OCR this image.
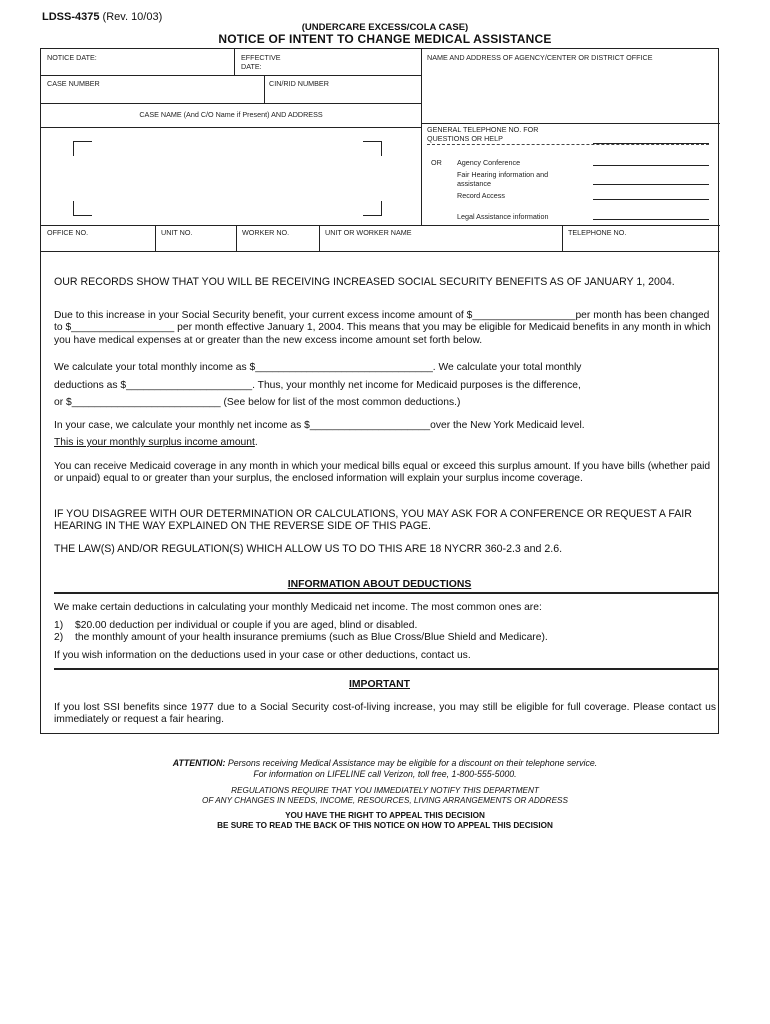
LDSS-4375 (Rev. 10/03)
(UNDERCARE EXCESS/COLA CASE)
NOTICE OF INTENT TO CHANGE MEDICAL ASSISTANCE
NOTICE DATE:	EFFECTIVE DATE:
NAME AND ADDRESS OF AGENCY/CENTER OR DISTRICT OFFICE
CASE NUMBER	CIN/RID NUMBER
CASE NAME (And C/O Name if Present) AND ADDRESS
GENERAL TELEPHONE NO. FOR QUESTIONS OR HELP
OR Agency Conference
Fair Hearing information and assistance
Record Access
Legal Assistance information
OFFICE NO.	UNIT NO.	WORKER NO.	UNIT OR WORKER NAME	TELEPHONE NO.
OUR RECORDS SHOW THAT YOU WILL BE RECEIVING INCREASED SOCIAL SECURITY BENEFITS AS OF JANUARY 1, 2004.
Due to this increase in your Social Security benefit, your current excess income amount of $__________________per month has been changed to $__________________ per month effective January 1, 2004. This means that you may be eligible for Medicaid benefits in any month in which you have medical expenses at or greater than the new excess income amount set forth below.
We calculate your total monthly income as $_______________________________. We calculate your total monthly
deductions as $______________________. Thus, your monthly net income for Medicaid purposes is the difference,
or $__________________________ (See below for list of the most common deductions.)
In your case, we calculate your monthly net income as $_____________________over the New York Medicaid level.
This is your monthly surplus income amount.
You can receive Medicaid coverage in any month in which your medical bills equal or exceed this surplus amount. If you have bills (whether paid or unpaid) equal to or greater than your surplus, the enclosed information will explain your surplus income coverage.
IF YOU DISAGREE WITH OUR DETERMINATION OR CALCULATIONS, YOU MAY ASK FOR A CONFERENCE OR REQUEST A FAIR HEARING IN THE WAY EXPLAINED ON THE REVERSE SIDE OF THIS PAGE.
THE LAW(S) AND/OR REGULATION(S) WHICH ALLOW US TO DO THIS ARE 18 NYCRR 360-2.3 and 2.6.
INFORMATION ABOUT DEDUCTIONS
We make certain deductions in calculating your monthly Medicaid net income. The most common ones are:
1)	$20.00 deduction per individual or couple if you are aged, blind or disabled.
2)	the monthly amount of your health insurance premiums (such as Blue Cross/Blue Shield and Medicare).
If you wish information on the deductions used in your case or other deductions, contact us.
IMPORTANT
If you lost SSI benefits since 1977 due to a Social Security cost-of-living increase, you may still be eligible for full coverage. Please contact us immediately or request a fair hearing.
ATTENTION: Persons receiving Medical Assistance may be eligible for a discount on their telephone service.
For information on LIFELINE call Verizon, toll free, 1-800-555-5000.
REGULATIONS REQUIRE THAT YOU IMMEDIATELY NOTIFY THIS DEPARTMENT
OF ANY CHANGES IN NEEDS, INCOME, RESOURCES, LIVING ARRANGEMENTS OR ADDRESS
YOU HAVE THE RIGHT TO APPEAL THIS DECISION
BE SURE TO READ THE BACK OF THIS NOTICE ON HOW TO APPEAL THIS DECISION
